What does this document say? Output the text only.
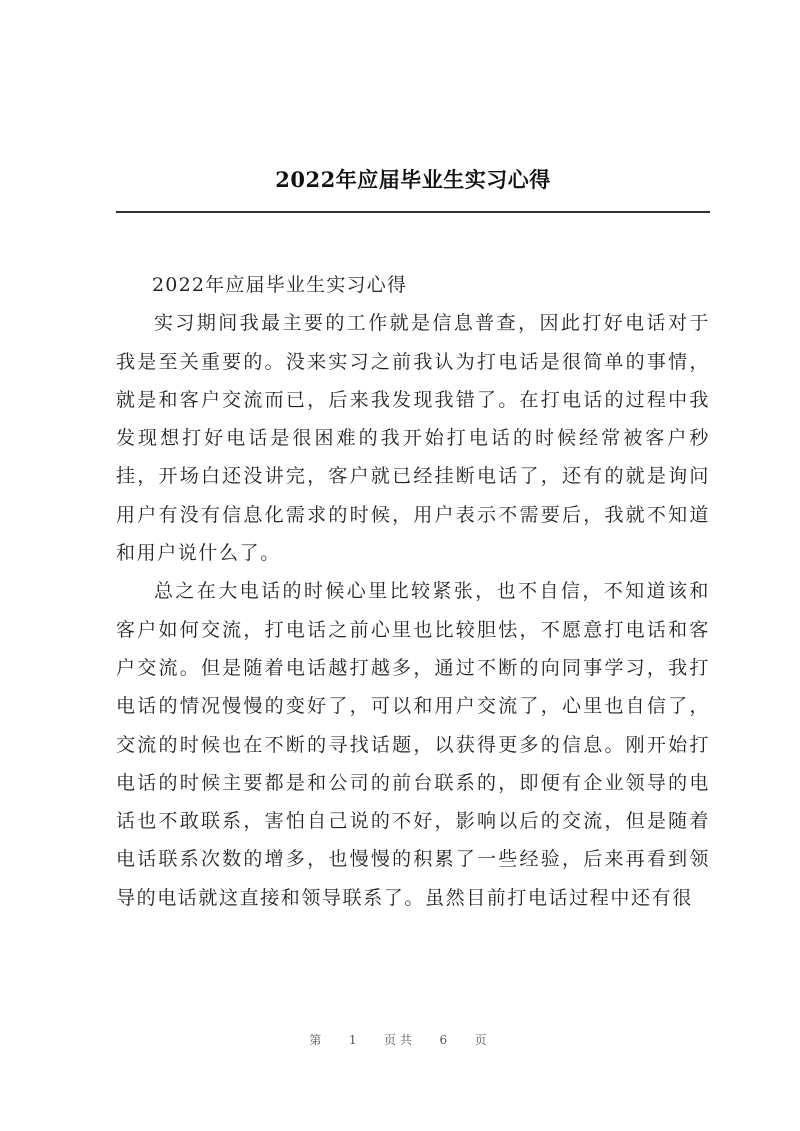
2022年应届毕业生实习心得

2022年应届毕业生实习心得

实习期间我最主要的工作就是信息普查，因此打好电话对于我是至关重要的。没来实习之前我认为打电话是很简单的事情，就是和客户交流而已，后来我发现我错了。在打电话的过程中我发现想打好电话是很困难的我开始打电话的时候经常被客户秒挂，开场白还没讲完，客户就已经挂断电话了，还有的就是询问用户有没有信息化需求的时候，用户表示不需要后，我就不知道和用户说什么了。

总之在大电话的时候心里比较紧张，也不自信，不知道该和客户如何交流，打电话之前心里也比较胆怯，不愿意打电话和客户交流。但是随着电话越打越多，通过不断的向同事学习，我打电话的情况慢慢的变好了，可以和用户交流了，心里也自信了，交流的时候也在不断的寻找话题，以获得更多的信息。刚开始打电话的时候主要都是和公司的前台联系的，即便有企业领导的电话也不敢联系，害怕自己说的不好，影响以后的交流，但是随着电话联系次数的增多，也慢慢的积累了一些经验，后来再看到领导的电话就这直接和领导联系了。虽然目前打电话过程中还有很

第 1 页共 6 页
